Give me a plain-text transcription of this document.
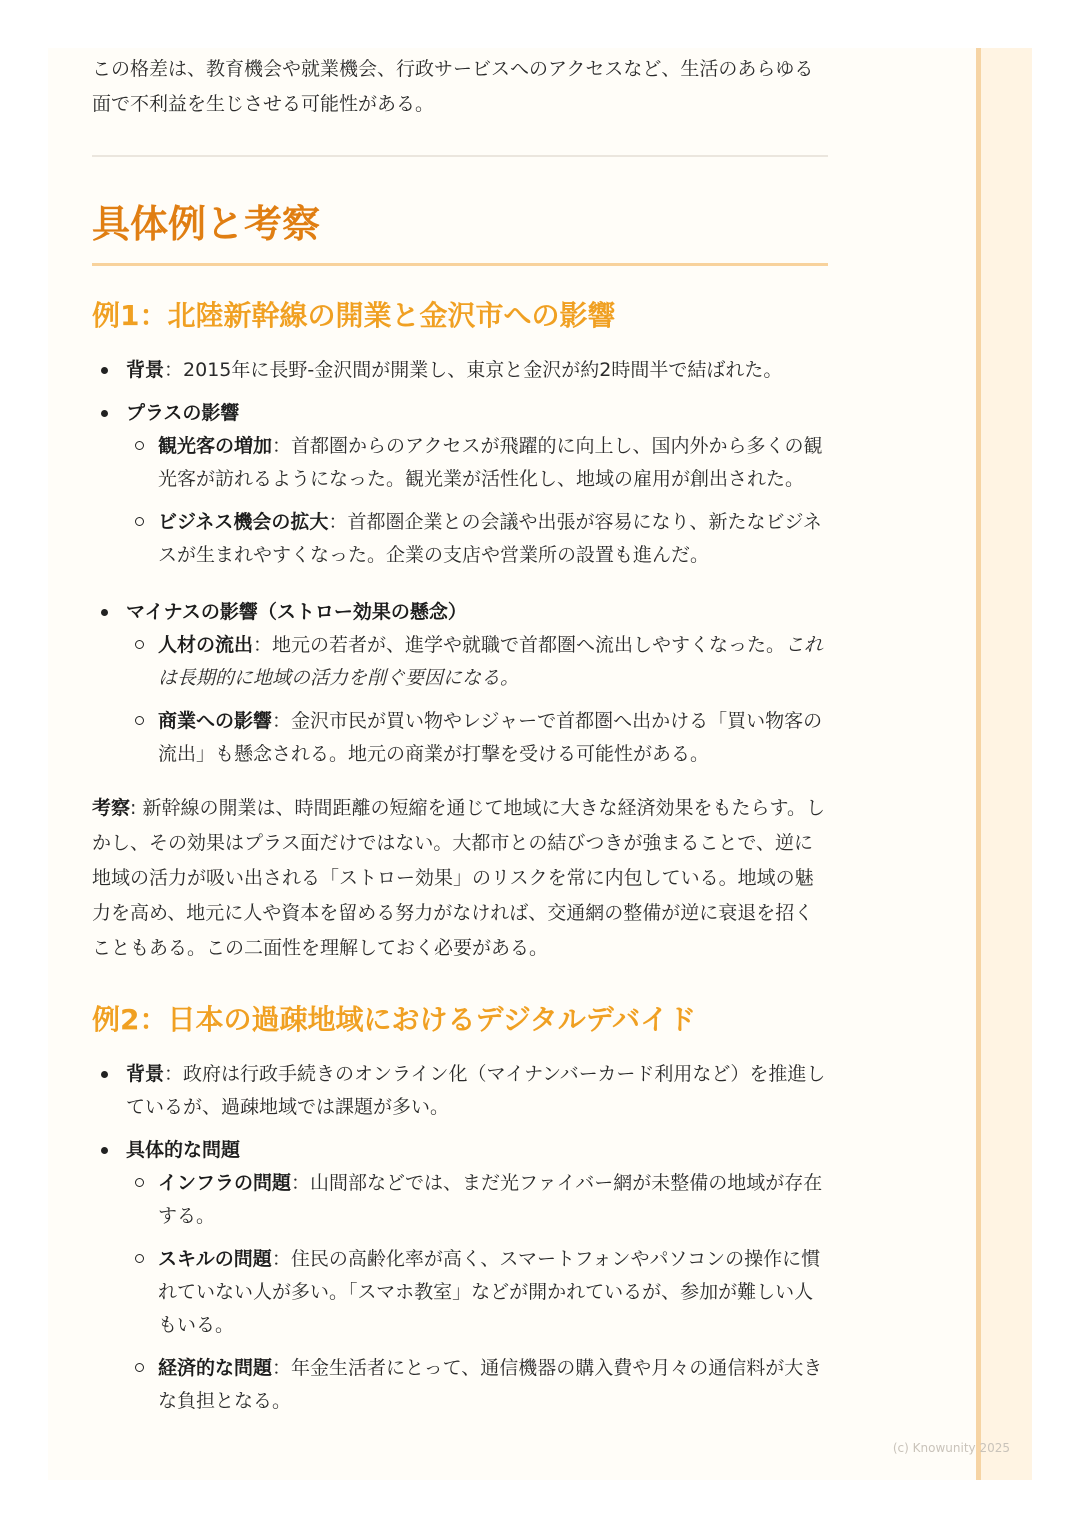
この格差は、教育機会や就業機会、行政サービスへのアクセスなど、生活のあらゆる面で不利益を生じさせる可能性がある。

具体例と考察
例1：北陸新幹線の開業と金沢市への影響
背景：2015年に長野-金沢間が開業し、東京と金沢が約2時間半で結ばれた。
プラスの影響
観光客の増加：首都圏からのアクセスが飛躍的に向上し、国内外から多くの観光客が訪れるようになった。観光業が活性化し、地域の雇用が創出された。
ビジネス機会の拡大：首都圏企業との会議や出張が容易になり、新たなビジネスが生まれやすくなった。企業の支店や営業所の設置も進んだ。
マイナスの影響（ストロー効果の懸念）
人材の流出：地元の若者が、進学や就職で首都圏へ流出しやすくなった。これは長期的に地域の活力を削ぐ要因になる。
商業への影響：金沢市民が買い物やレジャーで首都圏へ出かける「買い物客の流出」も懸念される。地元の商業が打撃を受ける可能性がある。

考察: 新幹線の開業は、時間距離の短縮を通じて地域に大きな経済効果をもたらす。しかし、その効果はプラス面だけではない。大都市との結びつきが強まることで、逆に地域の活力が吸い出される「ストロー効果」のリスクを常に内包している。地域の魅力を高め、地元に人や資本を留める努力がなければ、交通網の整備が逆に衰退を招くこともある。この二面性を理解しておく必要がある。

例2：日本の過疎地域におけるデジタルデバイド
背景：政府は行政手続きのオンライン化（マイナンバーカード利用など）を推進しているが、過疎地域では課題が多い。
具体的な問題
インフラの問題：山間部などでは、まだ光ファイバー網が未整備の地域が存在する。
スキルの問題：住民の高齢化率が高く、スマートフォンやパソコンの操作に慣れていない人が多い。「スマホ教室」などが開かれているが、参加が難しい人もいる。
経済的な問題：年金生活者にとって、通信機器の購入費や月々の通信料が大きな負担となる。
(c) Knowunity 2025
